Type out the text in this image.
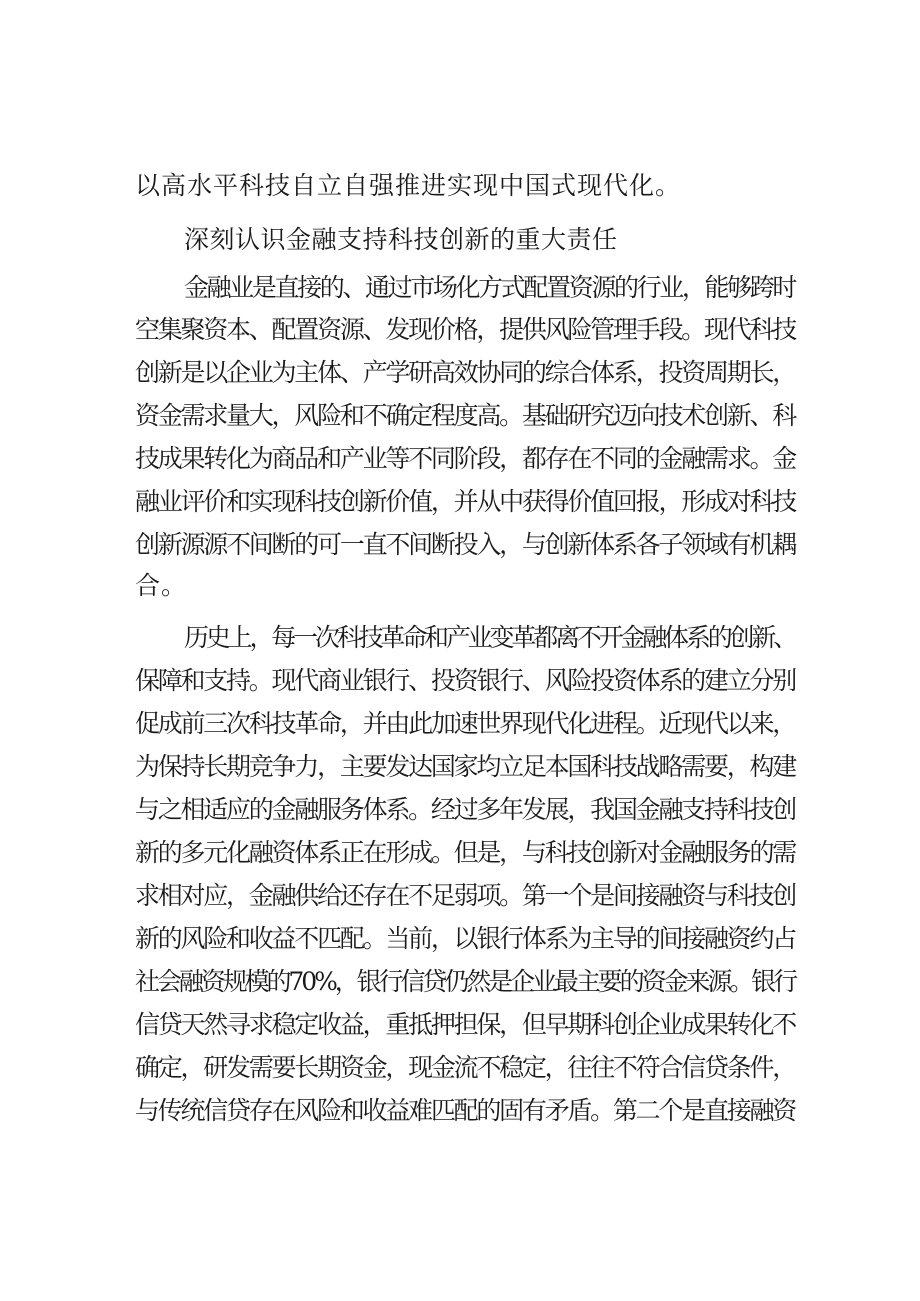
以高水平科技自立自强推进实现中国式现代化。
深刻认识金融支持科技创新的重大责任
金融业是直接的、通过市场化方式配置资源的行业，能够跨时
空集聚资本、配置资源、发现价格，提供风险管理手段。现代科技
创新是以企业为主体、产学研高效协同的综合体系，投资周期长，
资金需求量大，风险和不确定程度高。基础研究迈向技术创新、科
技成果转化为商品和产业等不同阶段，都存在不同的金融需求。金
融业评价和实现科技创新价值，并从中获得价值回报，形成对科技
创新源源不间断的可一直不间断投入，与创新体系各子领域有机耦
合。
历史上，每一次科技革命和产业变革都离不开金融体系的创新、
保障和支持。现代商业银行、投资银行、风险投资体系的建立分别
促成前三次科技革命，并由此加速世界现代化进程。近现代以来，
为保持长期竞争力，主要发达国家均立足本国科技战略需要，构建
与之相适应的金融服务体系。经过多年发展，我国金融支持科技创
新的多元化融资体系正在形成。但是，与科技创新对金融服务的需
求相对应，金融供给还存在不足弱项。第一个是间接融资与科技创
新的风险和收益不匹配。当前，以银行体系为主导的间接融资约占
社会融资规模的70%，银行信贷仍然是企业最主要的资金来源。银行
信贷天然寻求稳定收益，重抵押担保，但早期科创企业成果转化不
确定，研发需要长期资金，现金流不稳定，往往不符合信贷条件，
与传统信贷存在风险和收益难匹配的固有矛盾。第二个是直接融资
